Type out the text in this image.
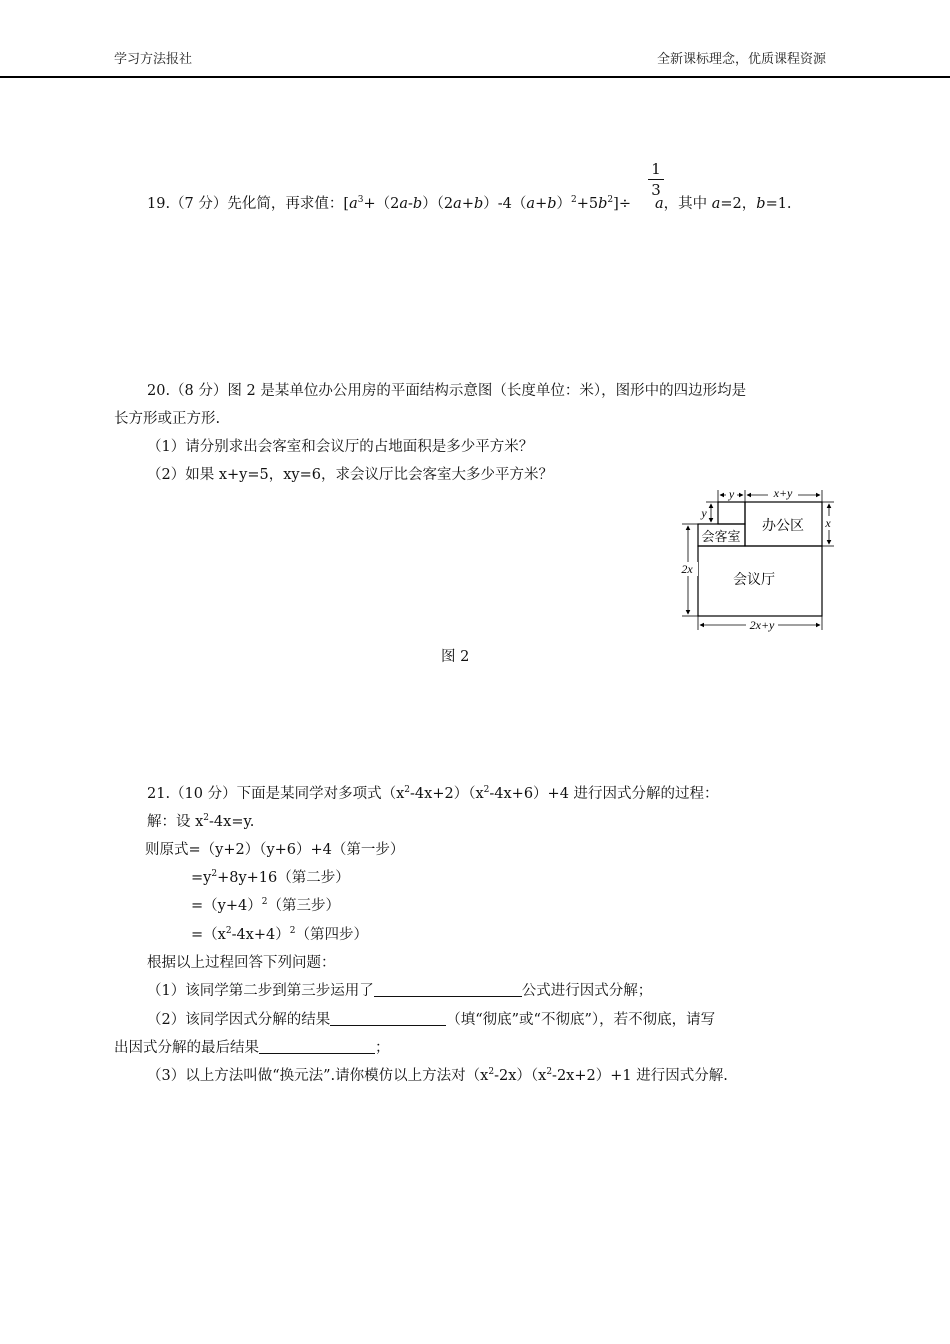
学习方法报社	全新课标理念，优质课程资源
1
3
19.（7 分）先化简，再求值：$[a^3+(2a-b)(2a+b)-4(a+b)^2+5b^2]\div a$，其中 a=2，b=1.
20.（8 分）图 2 是某单位办公用房的平面结构示意图（长度单位：米），图形中的四边形均是
长方形或正方形.
（1）请分别求出会客室和会议厅的占地面积是多少平方米？
（2）如果 x+y=5，xy=6，求会议厅比会客室大多少平方米？
办公区
会客室
会议厅
y	x+y
y
x
2x
2x+y
图 2
21.（10 分）下面是某同学对多项式$(x^2-4x+2)(x^2-4x+6)+4$ 进行因式分解的过程：
解：设 $x^2-4x=y$.
则原式=（y+2）（y+6）+4（第一步）
$=y^2+8y+16$（第二步）
$=(y+4)^2$（第三步）
$=(x^2-4x+4)^2$（第四步）
根据以上过程回答下列问题：
（1）该同学第二步到第三步运用了	公式进行因式分解；
（2）该同学因式分解的结果	（填“彻底”或“不彻底”），若不彻底，请写
出因式分解的最后结果	；
（3）以上方法叫做“换元法”.请你模仿以上方法对$(x^2-2x)(x^2-2x+2)+1$ 进行因式分解.
